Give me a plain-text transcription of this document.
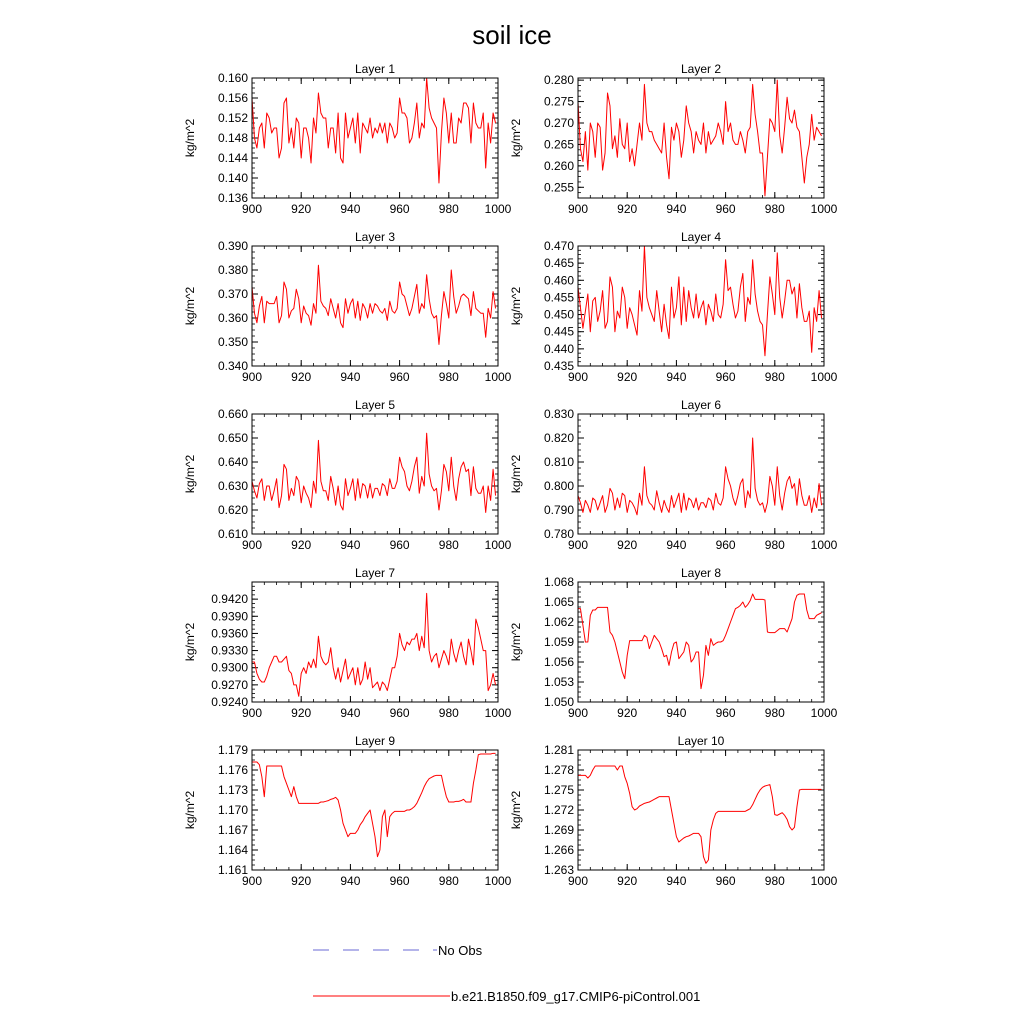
soil ice
Layer 1
kg/m^2
900 920 940 960 980 1000
0.136
0.140
0.144
0.148
0.152
0.156
0.160
Layer 2
kg/m^2
900 920 940 960 980 1000
0.255
0.260
0.265
0.270
0.275
0.280
Layer 3
kg/m^2
900 920 940 960 980 1000
0.340
0.350
0.360
0.370
0.380
0.390
Layer 4
kg/m^2
900 920 940 960 980 1000
0.435
0.440
0.445
0.450
0.455
0.460
0.465
0.470
Layer 5
kg/m^2
900 920 940 960 980 1000
0.610
0.620
0.630
0.640
0.650
0.660
Layer 6
kg/m^2
900 920 940 960 980 1000
0.780
0.790
0.800
0.810
0.820
0.830
Layer 7
kg/m^2
900 920 940 960 980 1000
0.9240
0.9270
0.9300
0.9330
0.9360
0.9390
0.9420
Layer 8
kg/m^2
900 920 940 960 980 1000
1.050
1.053
1.056
1.059
1.062
1.065
1.068
Layer 9
kg/m^2
900 920 940 960 980 1000
1.161
1.164
1.167
1.170
1.173
1.176
1.179
Layer 10
kg/m^2
900 920 940 960 980 1000
1.263
1.266
1.269
1.272
1.275
1.278
1.281
No Obs
b.e21.B1850.f09_g17.CMIP6-piControl.001
